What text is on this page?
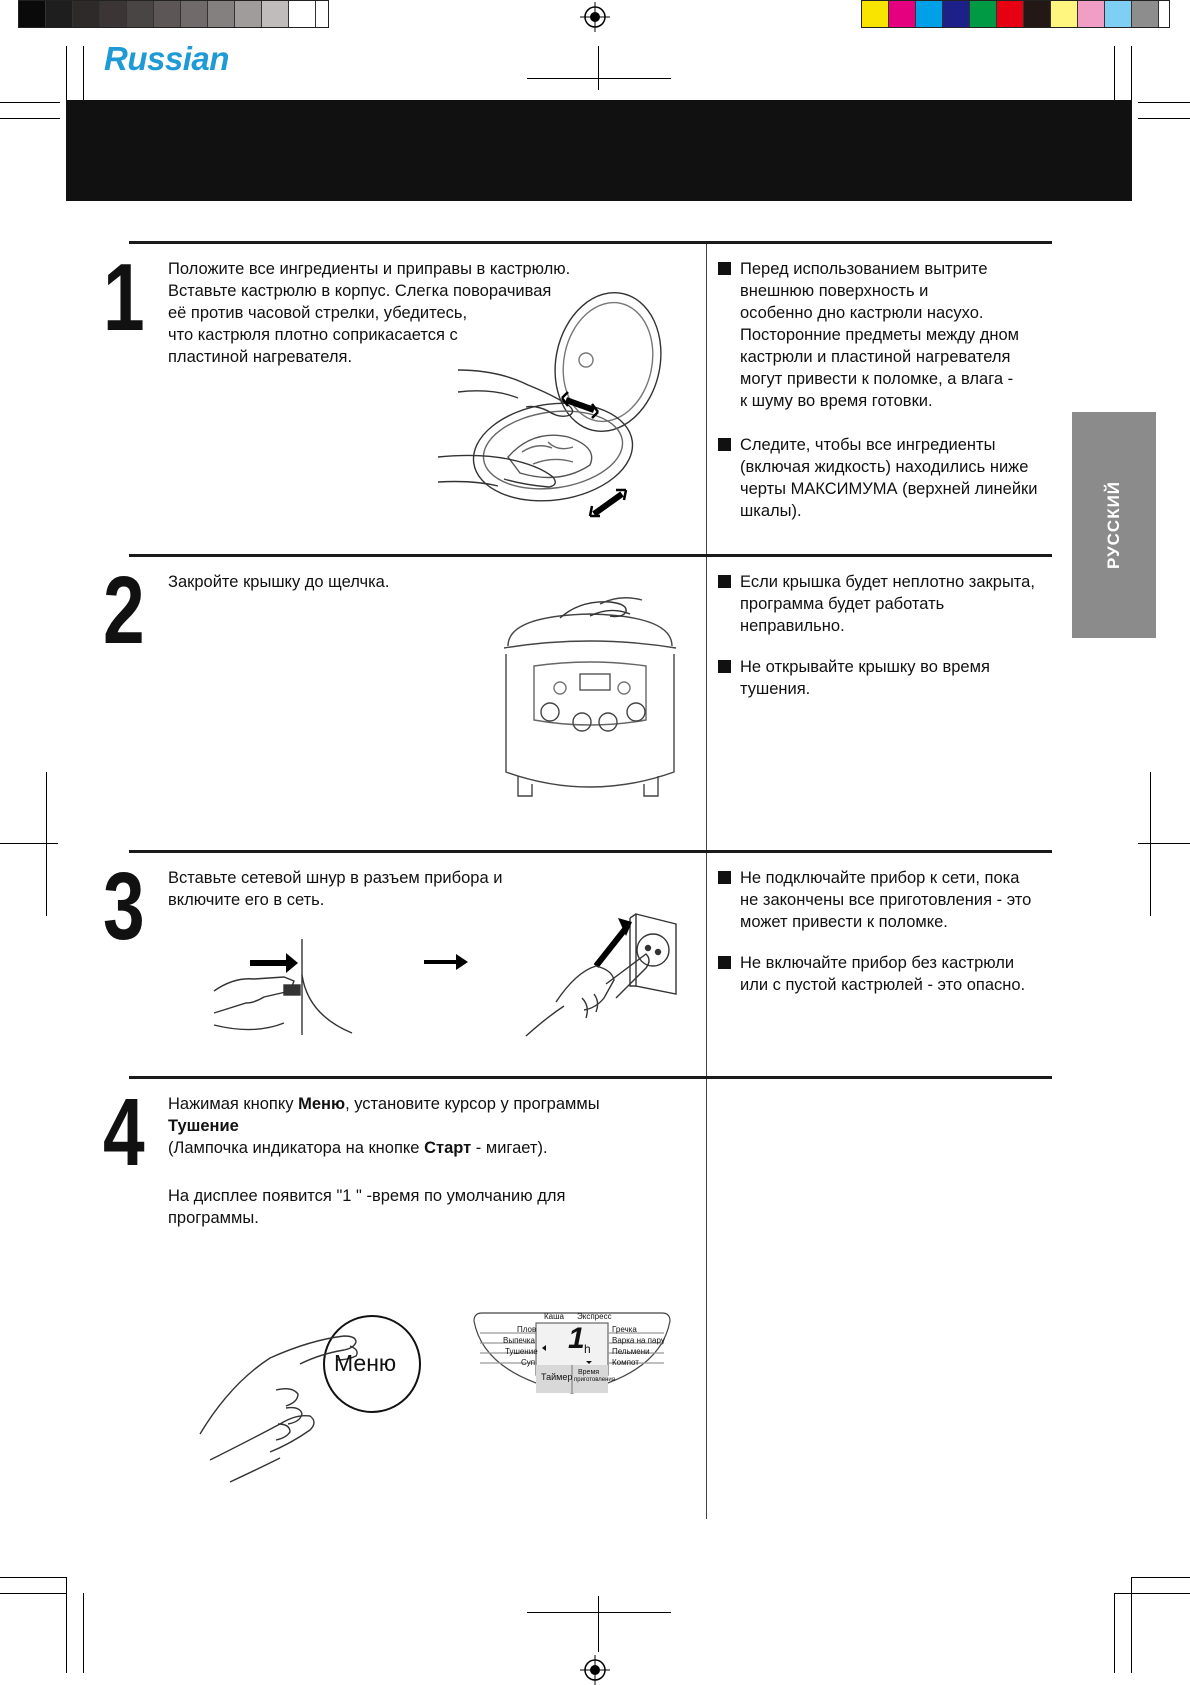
Russian
РУССКИЙ
1 Положите все ингредиенты и приправы в кастрюлю.
Вставьте кастрюлю в корпус. Слегка поворачивая
её против часовой стрелки, убедитесь,
что кастрюля плотно соприкасается с
пластиной нагревателя.
Перед использованием вытрите
внешнюю поверхность и
особенно дно кастрюли насухо.
Посторонние предметы между дном
кастрюли и пластиной нагревателя
могут привести к поломке, а влага -
к шуму во время готовки.
Следите, чтобы все ингредиенты
(включая жидкость) находились ниже
черты МАКСИМУМА (верхней линейки
шкалы).
2 Закройте крышку до щелчка.	Если крышка будет неплотно закрыта,
программа будет работать
неправильно.
Не открывайте крышку во время
тушения.
3 Вставьте сетевой шнур в разъем прибора и
включите его в сеть.
Не подключайте прибор к сети, пока
не закончены все приготовления - это
может привести к поломке.
Не включайте прибор без кастрюли
или с пустой кастрюлей - это опасно.
4 Нажимая кнопку Меню, установите курсор у программы
Тушение
(Лампочка индикатора на кнопке Старт - мигает).
На дисплее появится "1 " -время по умолчанию для
программы.
Меню
Каша Экспресс
Плов
Выпечка
Тушение
Суп
Гречка
Варка на пару
Пельмени
Компот
1 h
Таймер Время
приготовления
